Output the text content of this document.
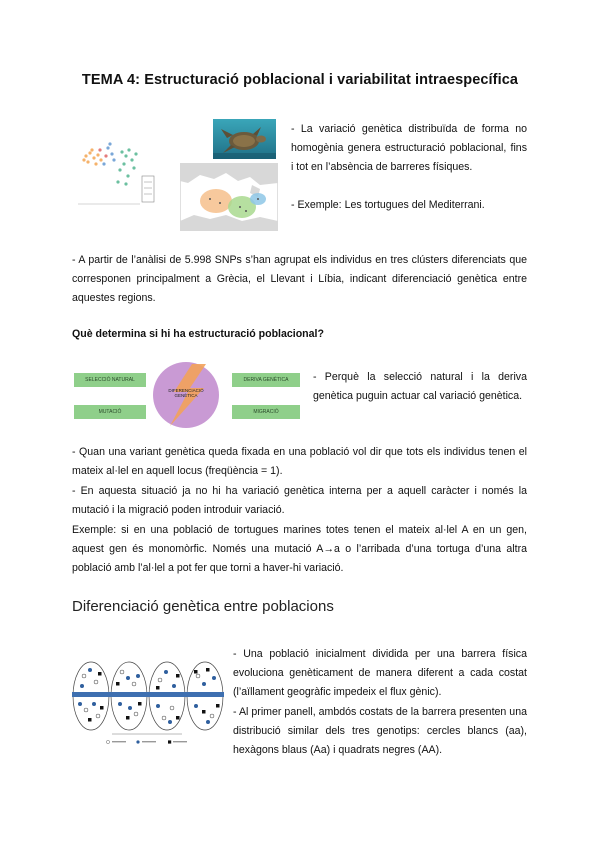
TEMA 4: Estructuració poblacional i variabilitat intraespecífica
- La variació genètica distribuïda de forma no homogènia genera estructuració poblacional, fins i tot en l’absència de barreres físiques.
- Exemple: Les tortugues del Mediterrani.
- A partir de l’anàlisi de 5.998 SNPs s’han agrupat els individus en tres clústers diferenciats que corresponen principalment a Grècia, el Llevant i Líbia, indicant diferenciació genètica entre aquestes regions.
Què determina si hi ha estructuració poblacional?
SELECCIÓ NATURAL
MUTACIÓ
DERIVA GENÈTICA
MIGRACIÓ
DIFERENCIACIÓ GENÈTICA
- Perquè la selecció natural i la deriva genètica puguin actuar cal variació genètica.
- Quan una variant genètica queda fixada en una població vol dir que tots els individus tenen el mateix al·lel en aquell locus (freqüència = 1).
- En aquesta situació ja no hi ha variació genètica interna per a aquell caràcter i només la mutació i la migració poden introduir variació.
Exemple: si en una població de tortugues marines totes tenen el mateix al·lel A en un gen, aquest gen és monomòrfic. Només una mutació A→a o l’arribada d’una tortuga d’una altra població amb l’al·lel a pot fer que torni a haver-hi variació.
Diferenciació genètica entre poblacions
- Una població inicialment dividida per una barrera física evoluciona genèticament de manera diferent a cada costat (l’aïllament geogràfic impedeix el flux gènic).
- Al primer panell, ambdós costats de la barrera presenten una distribució similar dels tres genotips: cercles blancs (aa), hexàgons blaus (Aa) i quadrats negres (AA).
